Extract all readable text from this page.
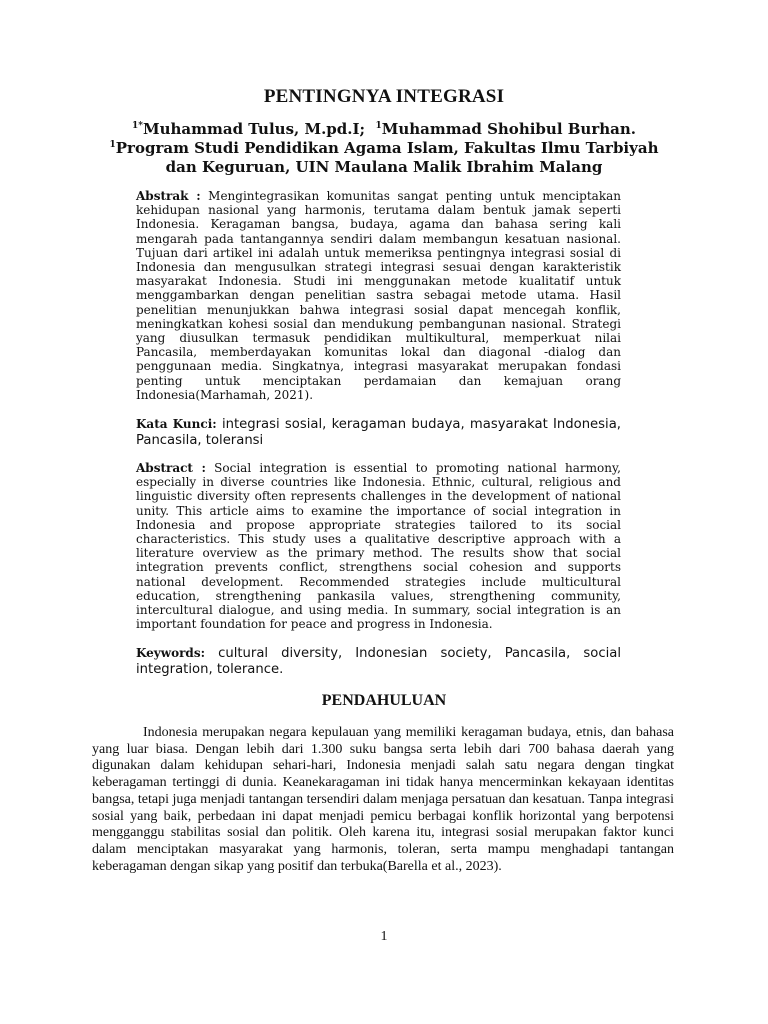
PENTINGNYA INTEGRASI
$^{1*}$Muhammad Tulus, M.pd.I; $^1$Muhammad Shohibul Burhan.
$^1$Program Studi Pendidikan Agama Islam, Fakultas Ilmu Tarbiyah
dan Keguruan, UIN Maulana Malik Ibrahim Malang
Abstrak : Mengintegrasikan komunitas sangat penting untuk menciptakan kehidupan nasional yang harmonis, terutama dalam bentuk jamak seperti Indonesia. Keragaman bangsa, budaya, agama dan bahasa sering kali mengarah pada tantangannya sendiri dalam membangun kesatuan nasional. Tujuan dari artikel ini adalah untuk memeriksa pentingnya integrasi sosial di Indonesia dan mengusulkan strategi integrasi sesuai dengan karakteristik masyarakat Indonesia. Studi ini menggunakan metode kualitatif untuk menggambarkan dengan penelitian sastra sebagai metode utama. Hasil penelitian menunjukkan bahwa integrasi sosial dapat mencegah konflik, meningkatkan kohesi sosial dan mendukung pembangunan nasional. Strategi yang diusulkan termasuk pendidikan multikultural, memperkuat nilai Pancasila, memberdayakan komunitas lokal dan diagonal -dialog dan penggunaan media. Singkatnya, integrasi masyarakat merupakan fondasi penting untuk menciptakan perdamaian dan kemajuan orang Indonesia(Marhamah, 2021).
Kata Kunci: integrasi sosial, keragaman budaya, masyarakat Indonesia, Pancasila, toleransi
Abstract : Social integration is essential to promoting national harmony, especially in diverse countries like Indonesia. Ethnic, cultural, religious and linguistic diversity often represents challenges in the development of national unity. This article aims to examine the importance of social integration in Indonesia and propose appropriate strategies tailored to its social characteristics. This study uses a qualitative descriptive approach with a literature overview as the primary method. The results show that social integration prevents conflict, strengthens social cohesion and supports national development. Recommended strategies include multicultural education, strengthening pankasila values, strengthening community, intercultural dialogue, and using media. In summary, social integration is an important foundation for peace and progress in Indonesia.
Keywords: cultural diversity, Indonesian society, Pancasila, social integration, tolerance.
PENDAHULUAN

Indonesia merupakan negara kepulauan yang memiliki keragaman budaya, etnis, dan bahasa yang luar biasa. Dengan lebih dari 1.300 suku bangsa serta lebih dari 700 bahasa daerah yang digunakan dalam kehidupan sehari-hari, Indonesia menjadi salah satu negara dengan tingkat keberagaman tertinggi di dunia. Keanekaragaman ini tidak hanya mencerminkan kekayaan identitas bangsa, tetapi juga menjadi tantangan tersendiri dalam menjaga persatuan dan kesatuan. Tanpa integrasi sosial yang baik, perbedaan ini dapat menjadi pemicu berbagai konflik horizontal yang berpotensi mengganggu stabilitas sosial dan politik. Oleh karena itu, integrasi sosial merupakan faktor kunci dalam menciptakan masyarakat yang harmonis, toleran, serta mampu menghadapi tantangan keberagaman dengan sikap yang positif dan terbuka(Barella et al., 2023).

1
